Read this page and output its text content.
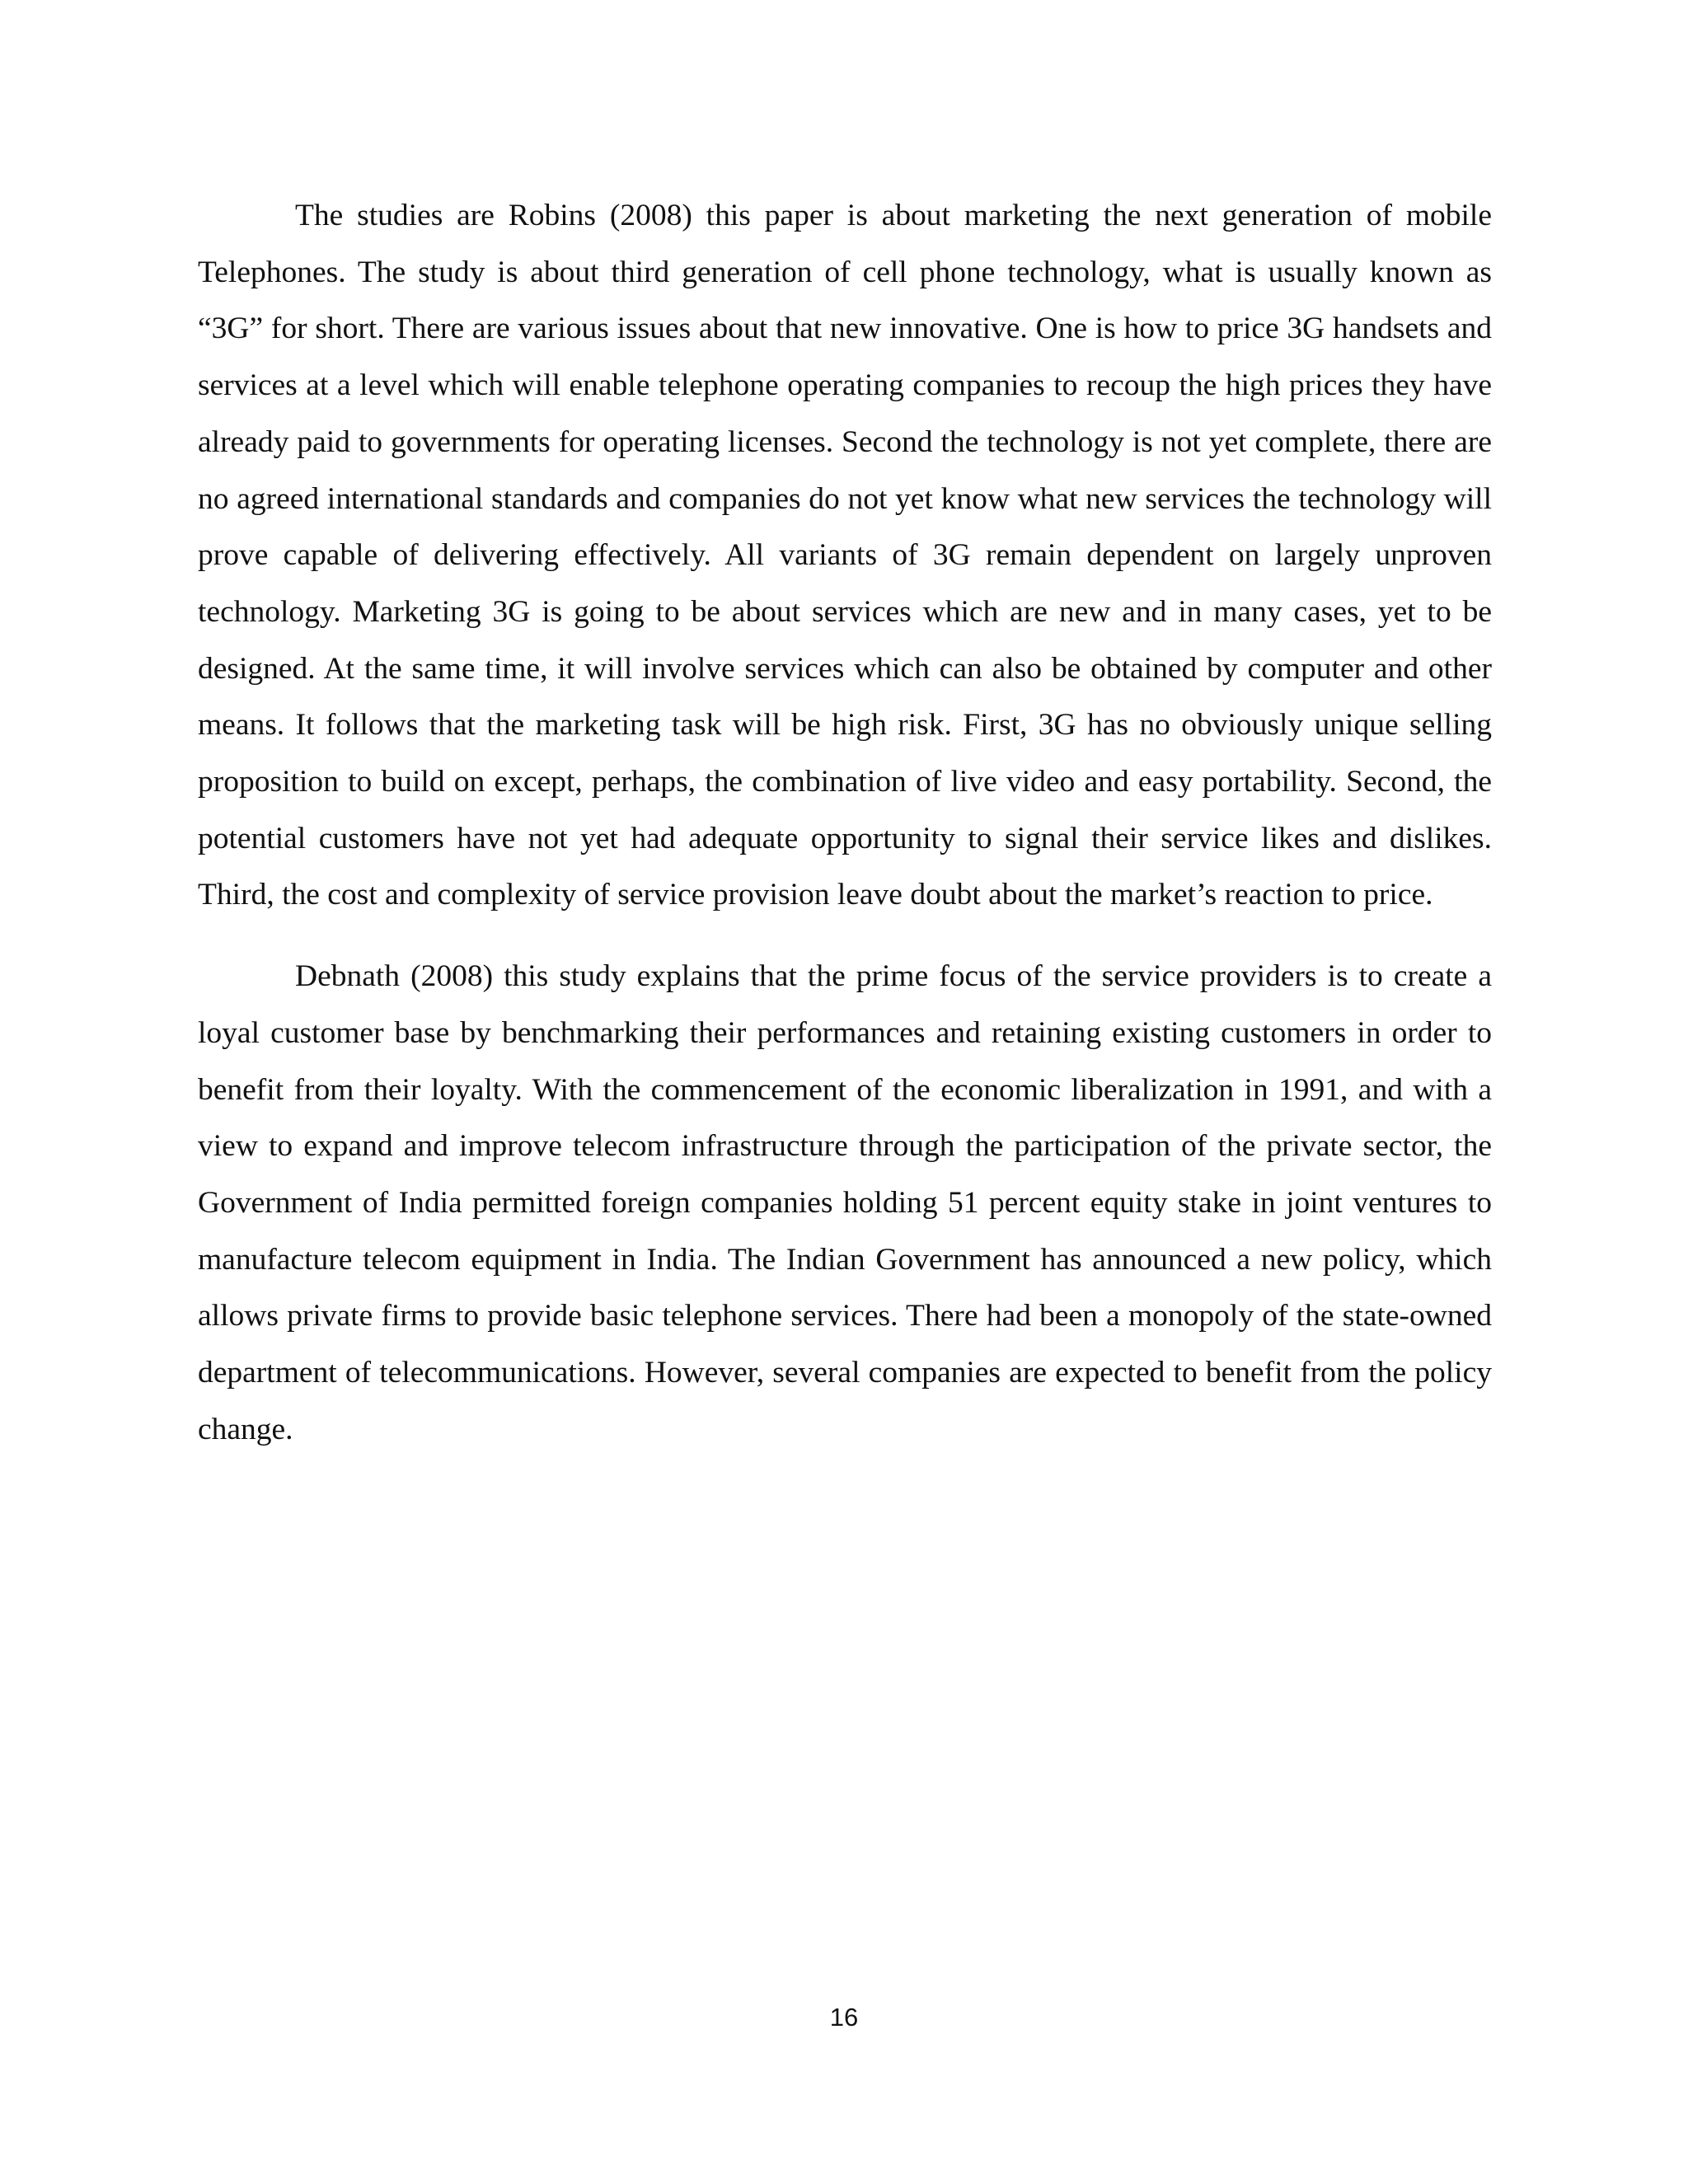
The studies are Robins (2008) this paper is about marketing the next generation of mobile Telephones. The study is about third generation of cell phone technology, what is usually known as “3G” for short. There are various issues about that new innovative. One is how to price 3G handsets and services at a level which will enable telephone operating companies to recoup the high prices they have already paid to governments for operating licenses. Second the technology is not yet complete, there are no agreed international standards and companies do not yet know what new services the technology will prove capable of delivering effectively. All variants of 3G remain dependent on largely unproven technology. Marketing 3G is going to be about services which are new and in many cases, yet to be designed. At the same time, it will involve services which can also be obtained by computer and other means. It follows that the marketing task will be high risk. First, 3G has no obviously unique selling proposition to build on except, perhaps, the combination of live video and easy portability. Second, the potential customers have not yet had adequate opportunity to signal their service likes and dislikes. Third, the cost and complexity of service provision leave doubt about the market’s reaction to price.

Debnath (2008) this study explains that the prime focus of the service providers is to create a loyal customer base by benchmarking their performances and retaining existing customers in order to benefit from their loyalty. With the commencement of the economic liberalization in 1991, and with a view to expand and improve telecom infrastructure through the participation of the private sector, the Government of India permitted foreign companies holding 51 percent equity stake in joint ventures to manufacture telecom equipment in India. The Indian Government has announced a new policy, which allows private firms to provide basic telephone services. There had been a monopoly of the state-owned department of telecommunications. However, several companies are expected to benefit from the policy change.

16
